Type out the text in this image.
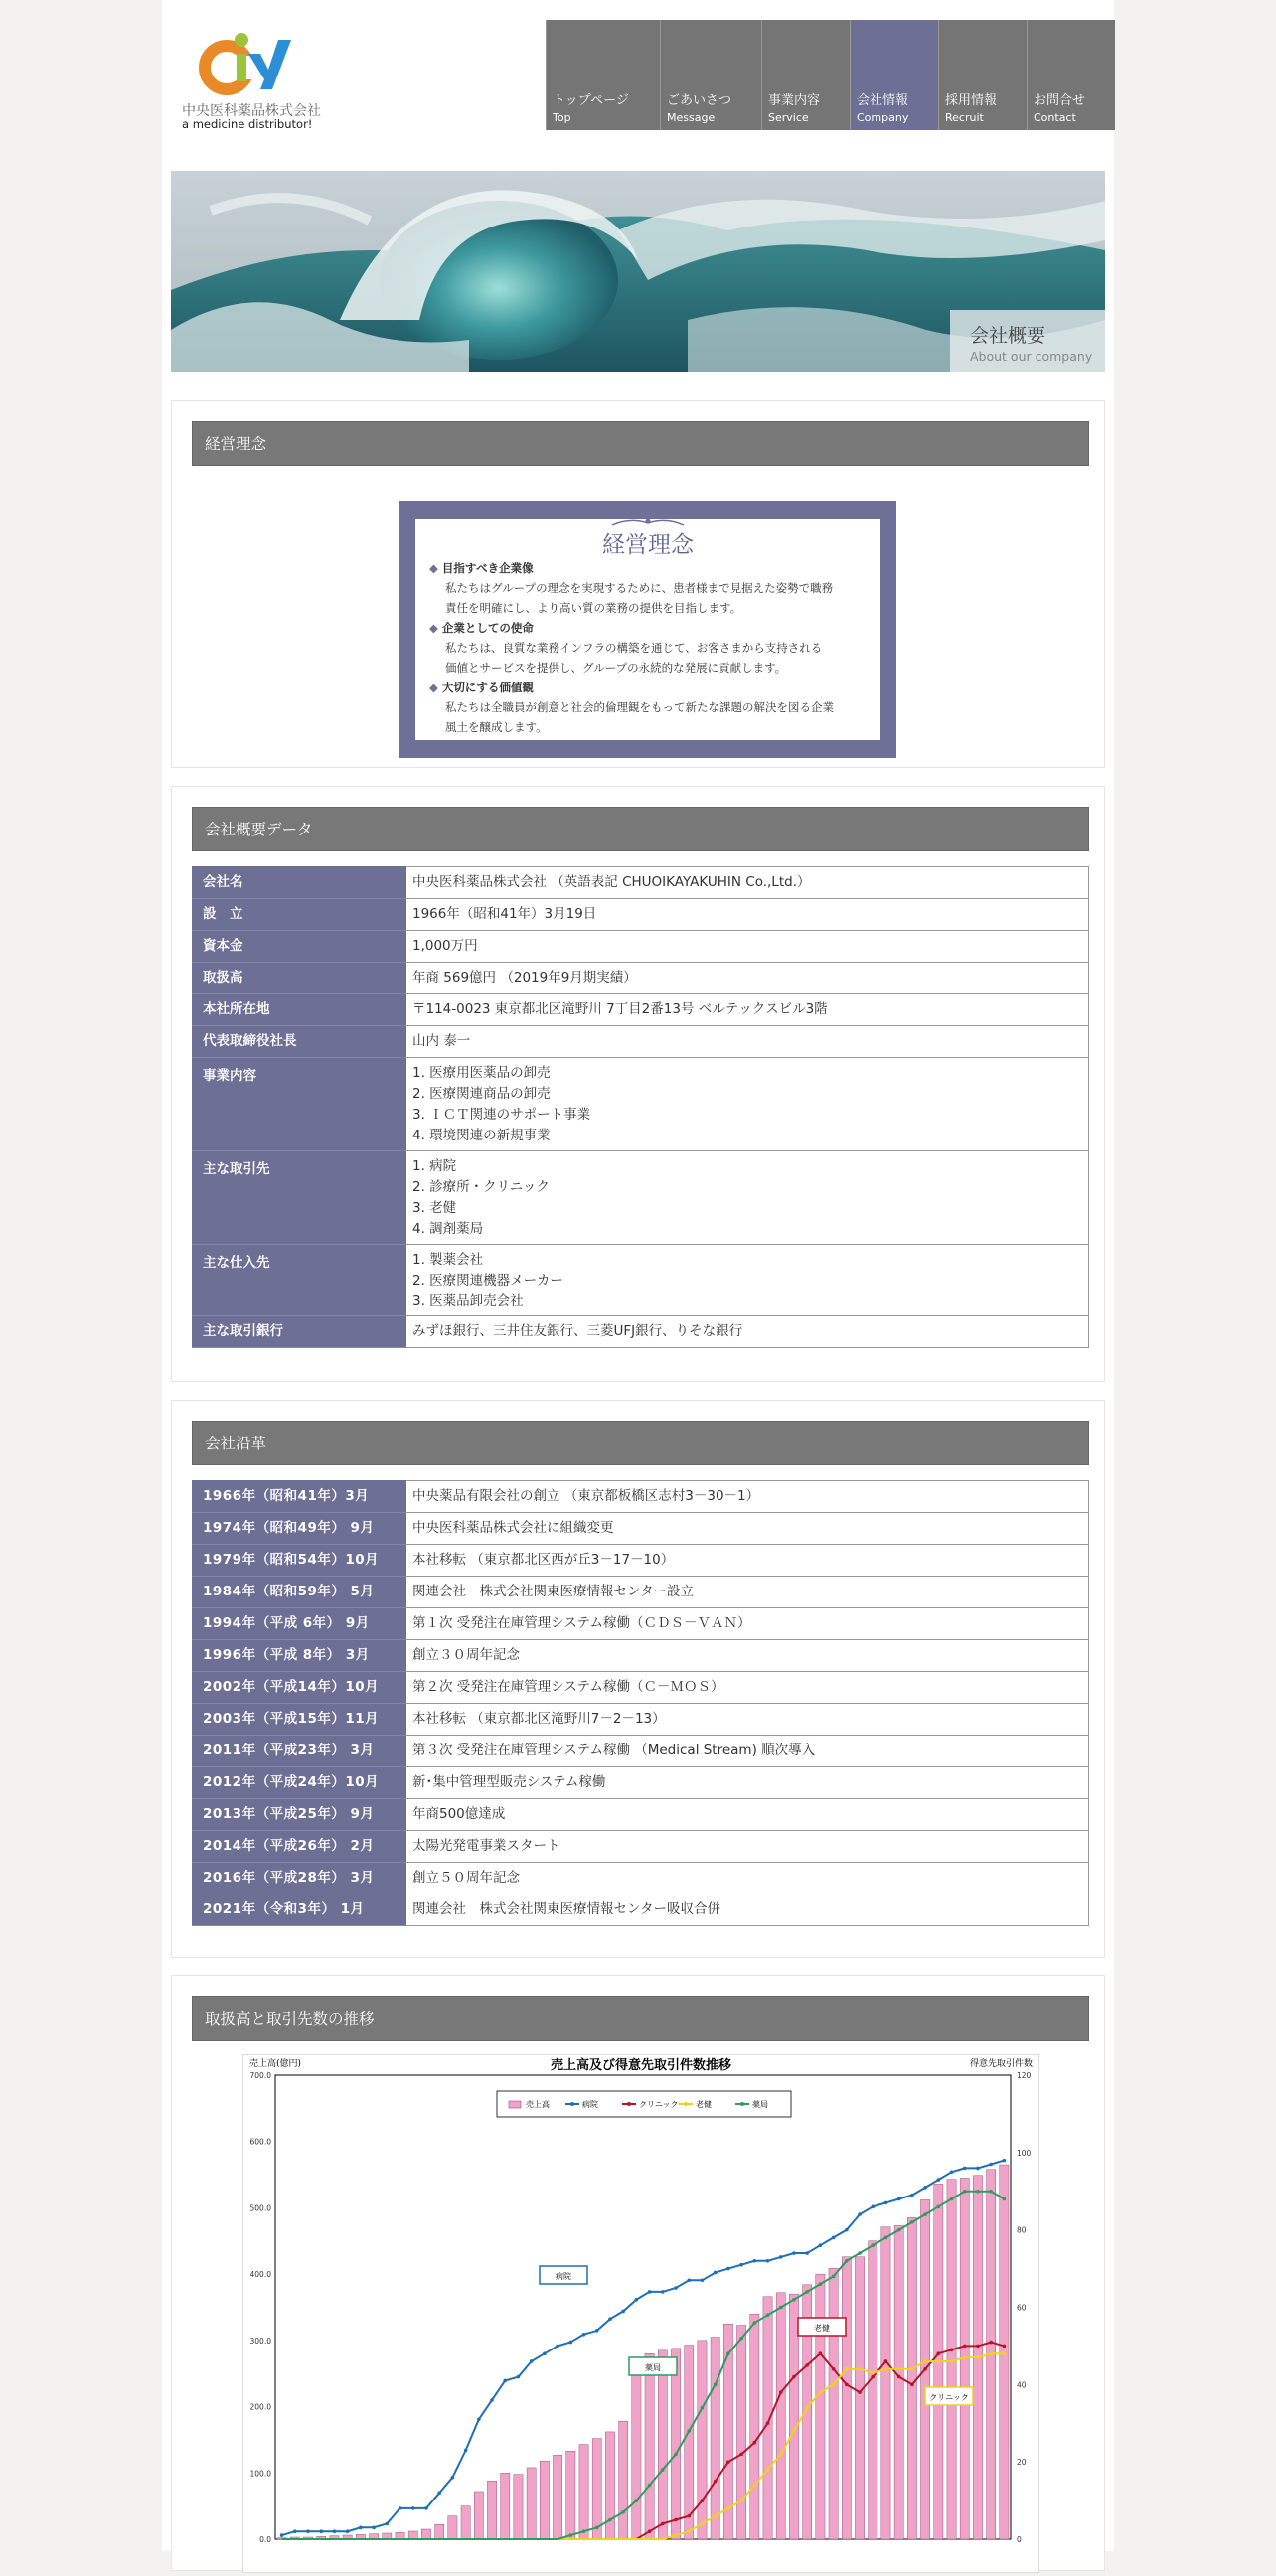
中央医科薬品株式会社
a medicine distributor!
トップページ
Top
ごあいさつ
Message
事業内容
Service
会社情報
Company
採用情報
Recruit
お問合せ
Contact
会社概要
About our company
経営理念
経営理念
◆ 目指すべき企業像
私たちはグループの理念を実現するために、患者様まで見据えた姿勢で職務
責任を明確にし、より高い質の業務の提供を目指します。
◆ 企業としての使命
私たちは、良質な業務インフラの構築を通じて、お客さまから支持される
価値とサービスを提供し、グループの永続的な発展に貢献します。
◆ 大切にする価値観
私たちは全職員が創意と社会的倫理観をもって新たな課題の解決を図る企業
風土を醸成します。
会社概要データ
会社名	中央医科薬品株式会社 （英語表記 CHUOIKAYAKUHIN Co.,Ltd.）
設　立	1966年（昭和41年）3月19日
資本金	1,000万円
取扱高	年商 569億円 （2019年9月期実績）
本社所在地	〒114-0023 東京都北区滝野川 7丁目2番13号 ベルテックスビル3階
代表取締役社長	山内 泰一
事業内容	1. 医療用医薬品の卸売
2. 医療関連商品の卸売
3. ＩＣＴ関連のサポート事業
4. 環境関連の新規事業

主な取引先	1. 病院
2. 診療所・クリニック
3. 老健
4. 調剤薬局

主な仕入先	1. 製薬会社
2. 医療関連機器メーカー
3. 医薬品卸売会社

主な取引銀行	みずほ銀行、三井住友銀行、三菱UFJ銀行、りそな銀行
会社沿革
1966年（昭和41年）3月	中央薬品有限会社の創立 （東京都板橋区志村3－30－1）
1974年（昭和49年） 9月	中央医科薬品株式会社に組織変更
1979年（昭和54年）10月	本社移転 （東京都北区西が丘3－17－10）
1984年（昭和59年） 5月	関連会社　株式会社関東医療情報センター設立
1994年（平成 6年） 9月	第１次 受発注在庫管理システム稼働（ＣＤＳ－ＶＡＮ）
1996年（平成 8年） 3月	創立３０周年記念
2002年（平成14年）10月	第２次 受発注在庫管理システム稼働（Ｃ－ＭＯＳ）
2003年（平成15年）11月	本社移転 （東京都北区滝野川7－2－13）
2011年（平成23年） 3月	第３次 受発注在庫管理システム稼働 （Medical Stream) 順次導入
2012年（平成24年）10月	新･集中管理型販売システム稼働
2013年（平成25年） 9月	年商500億達成
2014年（平成26年） 2月	太陽光発電事業スタート
2016年（平成28年） 3月	創立５０周年記念
2021年（令和3年） 1月	関連会社　株式会社関東医療情報センター吸収合併
取扱高と取引先数の推移
売上高及び得意先取引件数推移
売上高(億円)	得意先取引件数
0.0
100.0
200.0
300.0
400.0
500.0
600.0
700.0
0
20
40
60
80
100
120
売上高	病院	クリニック 老健	薬局
病院
薬局
老健
クリニック
